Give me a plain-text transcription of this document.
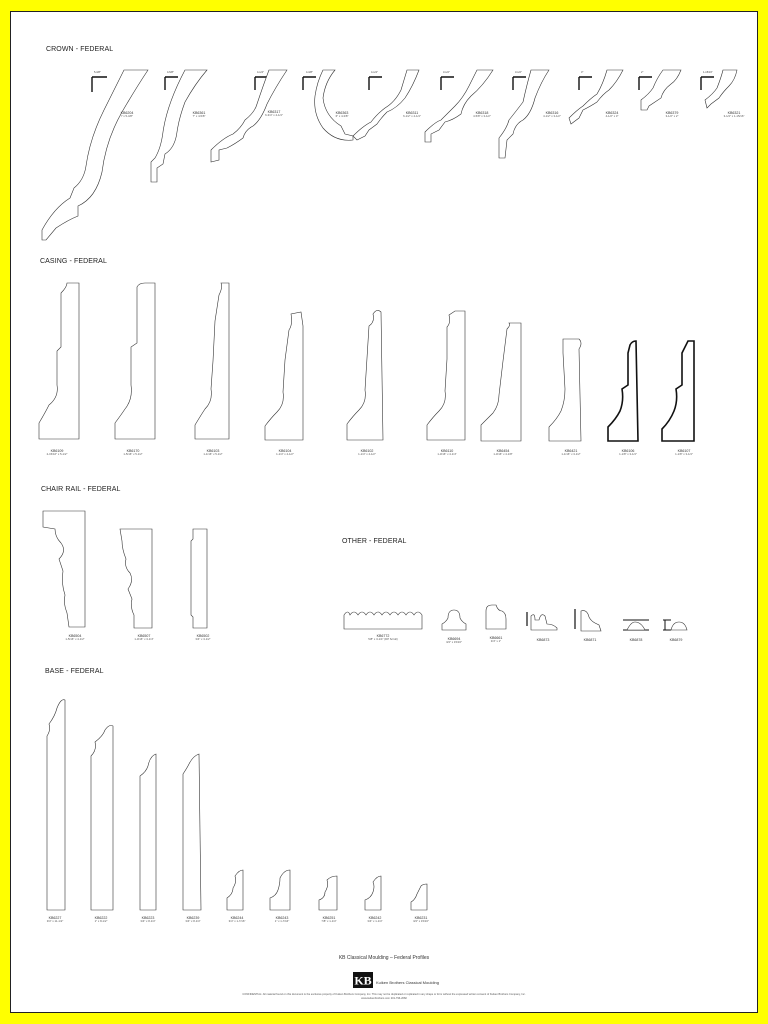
CROWN - FEDERAL
CASING - FEDERAL
CHAIR RAIL - FEDERAL
OTHER - FEDERAL
BASE - FEDERAL
KB6204
7 x 5-3/8"
5-3/8"
KB6361
7" x 4-5/8"
4-5/8"
KB6317
6-3/4" x 4-1/4"
4-1/4"
KB6363
6" x 4-3/8"
4-3/8"
KB6311
6-1/2" x 4-1/4"
4-1/4"
KB6318
4-5/8" x 3-1/2"
3-1/2"
KB6316
4-1/2" x 3-1/2"
3-1/2"
KB6324
4-1/2" x 3"
3"
KB6379
3-1/2" x 2"
2"
KB6321
3-1/4" x 1-15/16"
1-15/16"
KB6109
2-15/16" x 5-1/2"
KB6170
1-5/16" x 5-1/2"
KB6103
1-1/16" x 5-1/2"
KB6104
1-1/4" x 4-1/2"
KB6102
1-1/4" x 4-1/2"
KB6110
1-3/16" x 4-1/4"
KB6454
1-3/16" x 4-1/8"
KB6421
1-1/16" x 3-1/2"
KB6106
1-1/8" x 3-1/4"
KB6107
1-1/8" x 3-1/4"
KB6504
1-5/16" x 4-1/2"
KB6507
1-3/16" x 3-1/4"
KB6502
3/4" x 3-1/2"
KB6772
5/8" x 3-1/4" (DP Scroll)	KB6694
3/4" x 15/16"
KB6661
3/4" x 1"	KB6873	KB6871	KB6878	KB6879
KB6227
3/4" x 11-1/2"
KB6222
1" x 8-1/2"
KB6223
3/4" x 8-1/4"
KB6239
3/4" x 8-1/4"
KB6244
3/4" x 1-7/16"
KB6243
1" x 1-7/16"
KB6251
7/8" x 1-1/4"
KB6242
3/4" x 1-1/4"
KB6231
3/4" x 15/16"
KB Classical Moulding – Federal Profiles
KB Kuiken Brothers Classical Moulding
CONFIDENTIAL: All material found on this document is the exclusive property of Kuiken Brothers Company, Inc. This may not be duplicated or replicated in any shape or form without the expressed written consent of Kuiken Brothers Company, Inc.
www.kuikenbrothers.com 201-796-2082
